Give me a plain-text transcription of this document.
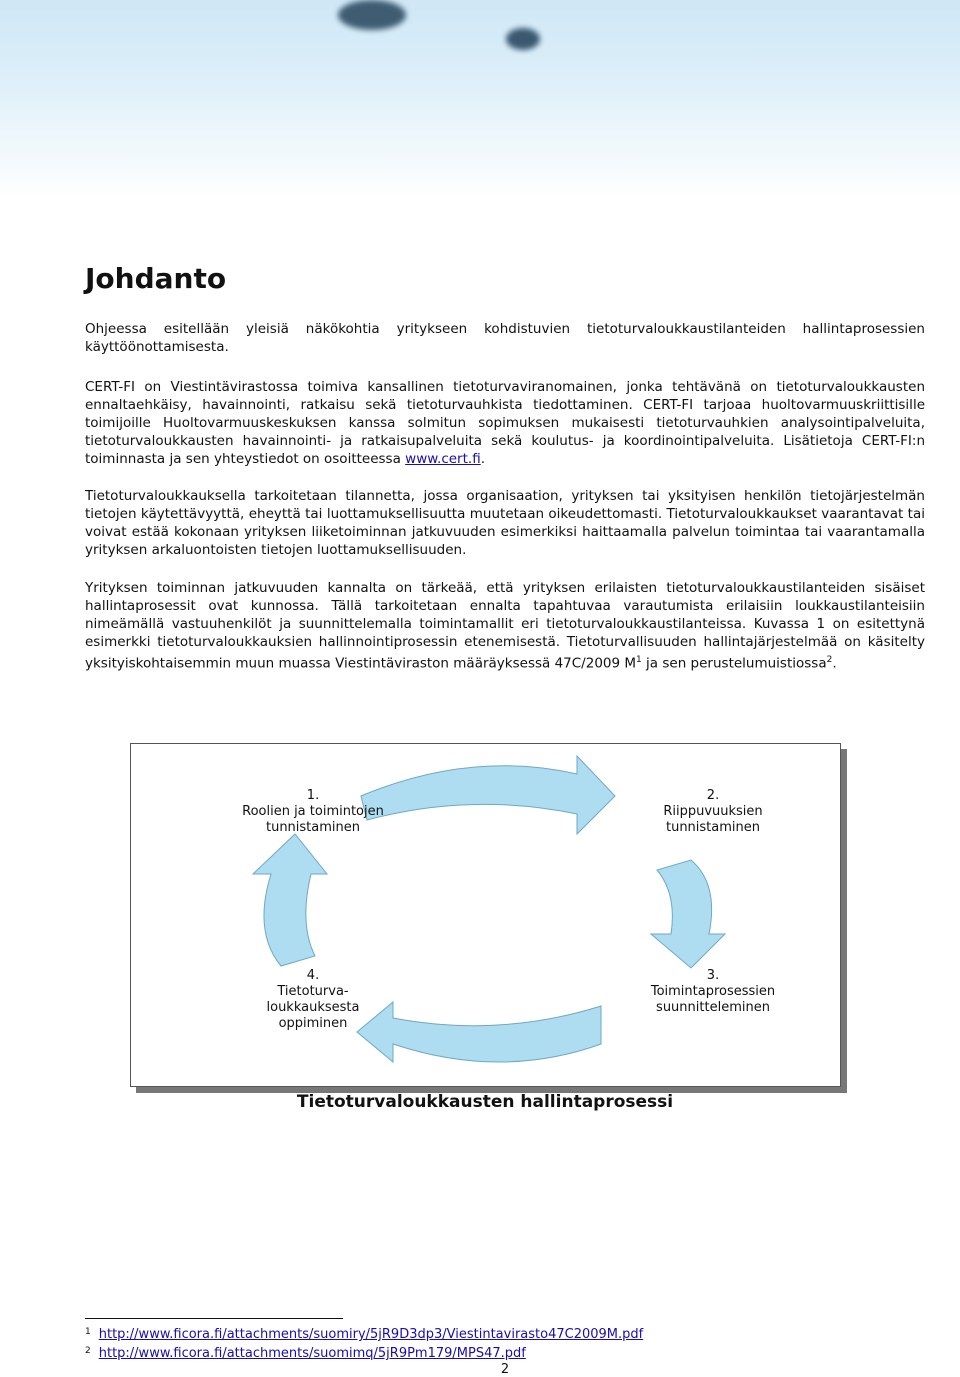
Johdanto

Ohjeessa esitellään yleisiä näkökohtia yritykseen kohdistuvien tietoturvaloukkaustilanteiden hallintaprosessien käyttöönottamisesta.

CERT-FI on Viestintävirastossa toimiva kansallinen tietoturvaviranomainen, jonka tehtävänä on tietoturvaloukkausten ennaltaehkäisy, havainnointi, ratkaisu sekä tietoturvauhkista tiedottaminen. CERT-FI tarjoaa huoltovarmuuskriittisille toimijoille Huoltovarmuuskeskuksen kanssa solmitun sopimuksen mukaisesti tietoturvauhkien analysointipalveluita, tietoturvaloukkausten havainnointi- ja ratkaisupalveluita sekä koulutus- ja koordinointipalveluita. Lisätietoja CERT-FI:n toiminnasta ja sen yhteystiedot on osoitteessa www.cert.fi.

Tietoturvaloukkauksella tarkoitetaan tilannetta, jossa organisaation, yrityksen tai yksityisen henkilön tietojärjestelmän tietojen käytettävyyttä, eheyttä tai luottamuksellisuutta muutetaan oikeudettomasti. Tietoturvaloukkaukset vaarantavat tai voivat estää kokonaan yrityksen liiketoiminnan jatkuvuuden esimerkiksi haittaamalla palvelun toimintaa tai vaarantamalla yrityksen arkaluontoisten tietojen luottamuksellisuuden.

Yrityksen toiminnan jatkuvuuden kannalta on tärkeää, että yrityksen erilaisten tietoturvaloukkaustilanteiden sisäiset hallintaprosessit ovat kunnossa. Tällä tarkoitetaan ennalta tapahtuvaa varautumista erilaisiin loukkaustilanteisiin nimeämällä vastuuhenkilöt ja suunnittelemalla toimintamallit eri tietoturvaloukkaustilanteissa. Kuvassa 1 on esitettynä esimerkki tietoturvaloukkauksien hallinnointiprosessin etenemisestä. Tietoturvallisuuden hallintajärjestelmää on käsitelty yksityiskohtaisemmin muun muassa Viestintäviraston määräyksessä 47C/2009 $M^1$ ja sen perustelumuistiossa$^2$.

1.
Roolien ja toimintojen
tunnistaminen
2.
Riippuvuuksien
tunnistaminen
3.
Toimintaprosessien
suunnitteleminen
4.
Tietoturva-
loukkauksesta
oppiminen
Tietoturvaloukkausten hallintaprosessi
$^1$ http://www.ficora.fi/attachments/suomiry/5jR9D3dp3/Viestintavirasto47C2009M.pdf
$^2$ http://www.ficora.fi/attachments/suomimq/5jR9Pm179/MPS47.pdf
2
